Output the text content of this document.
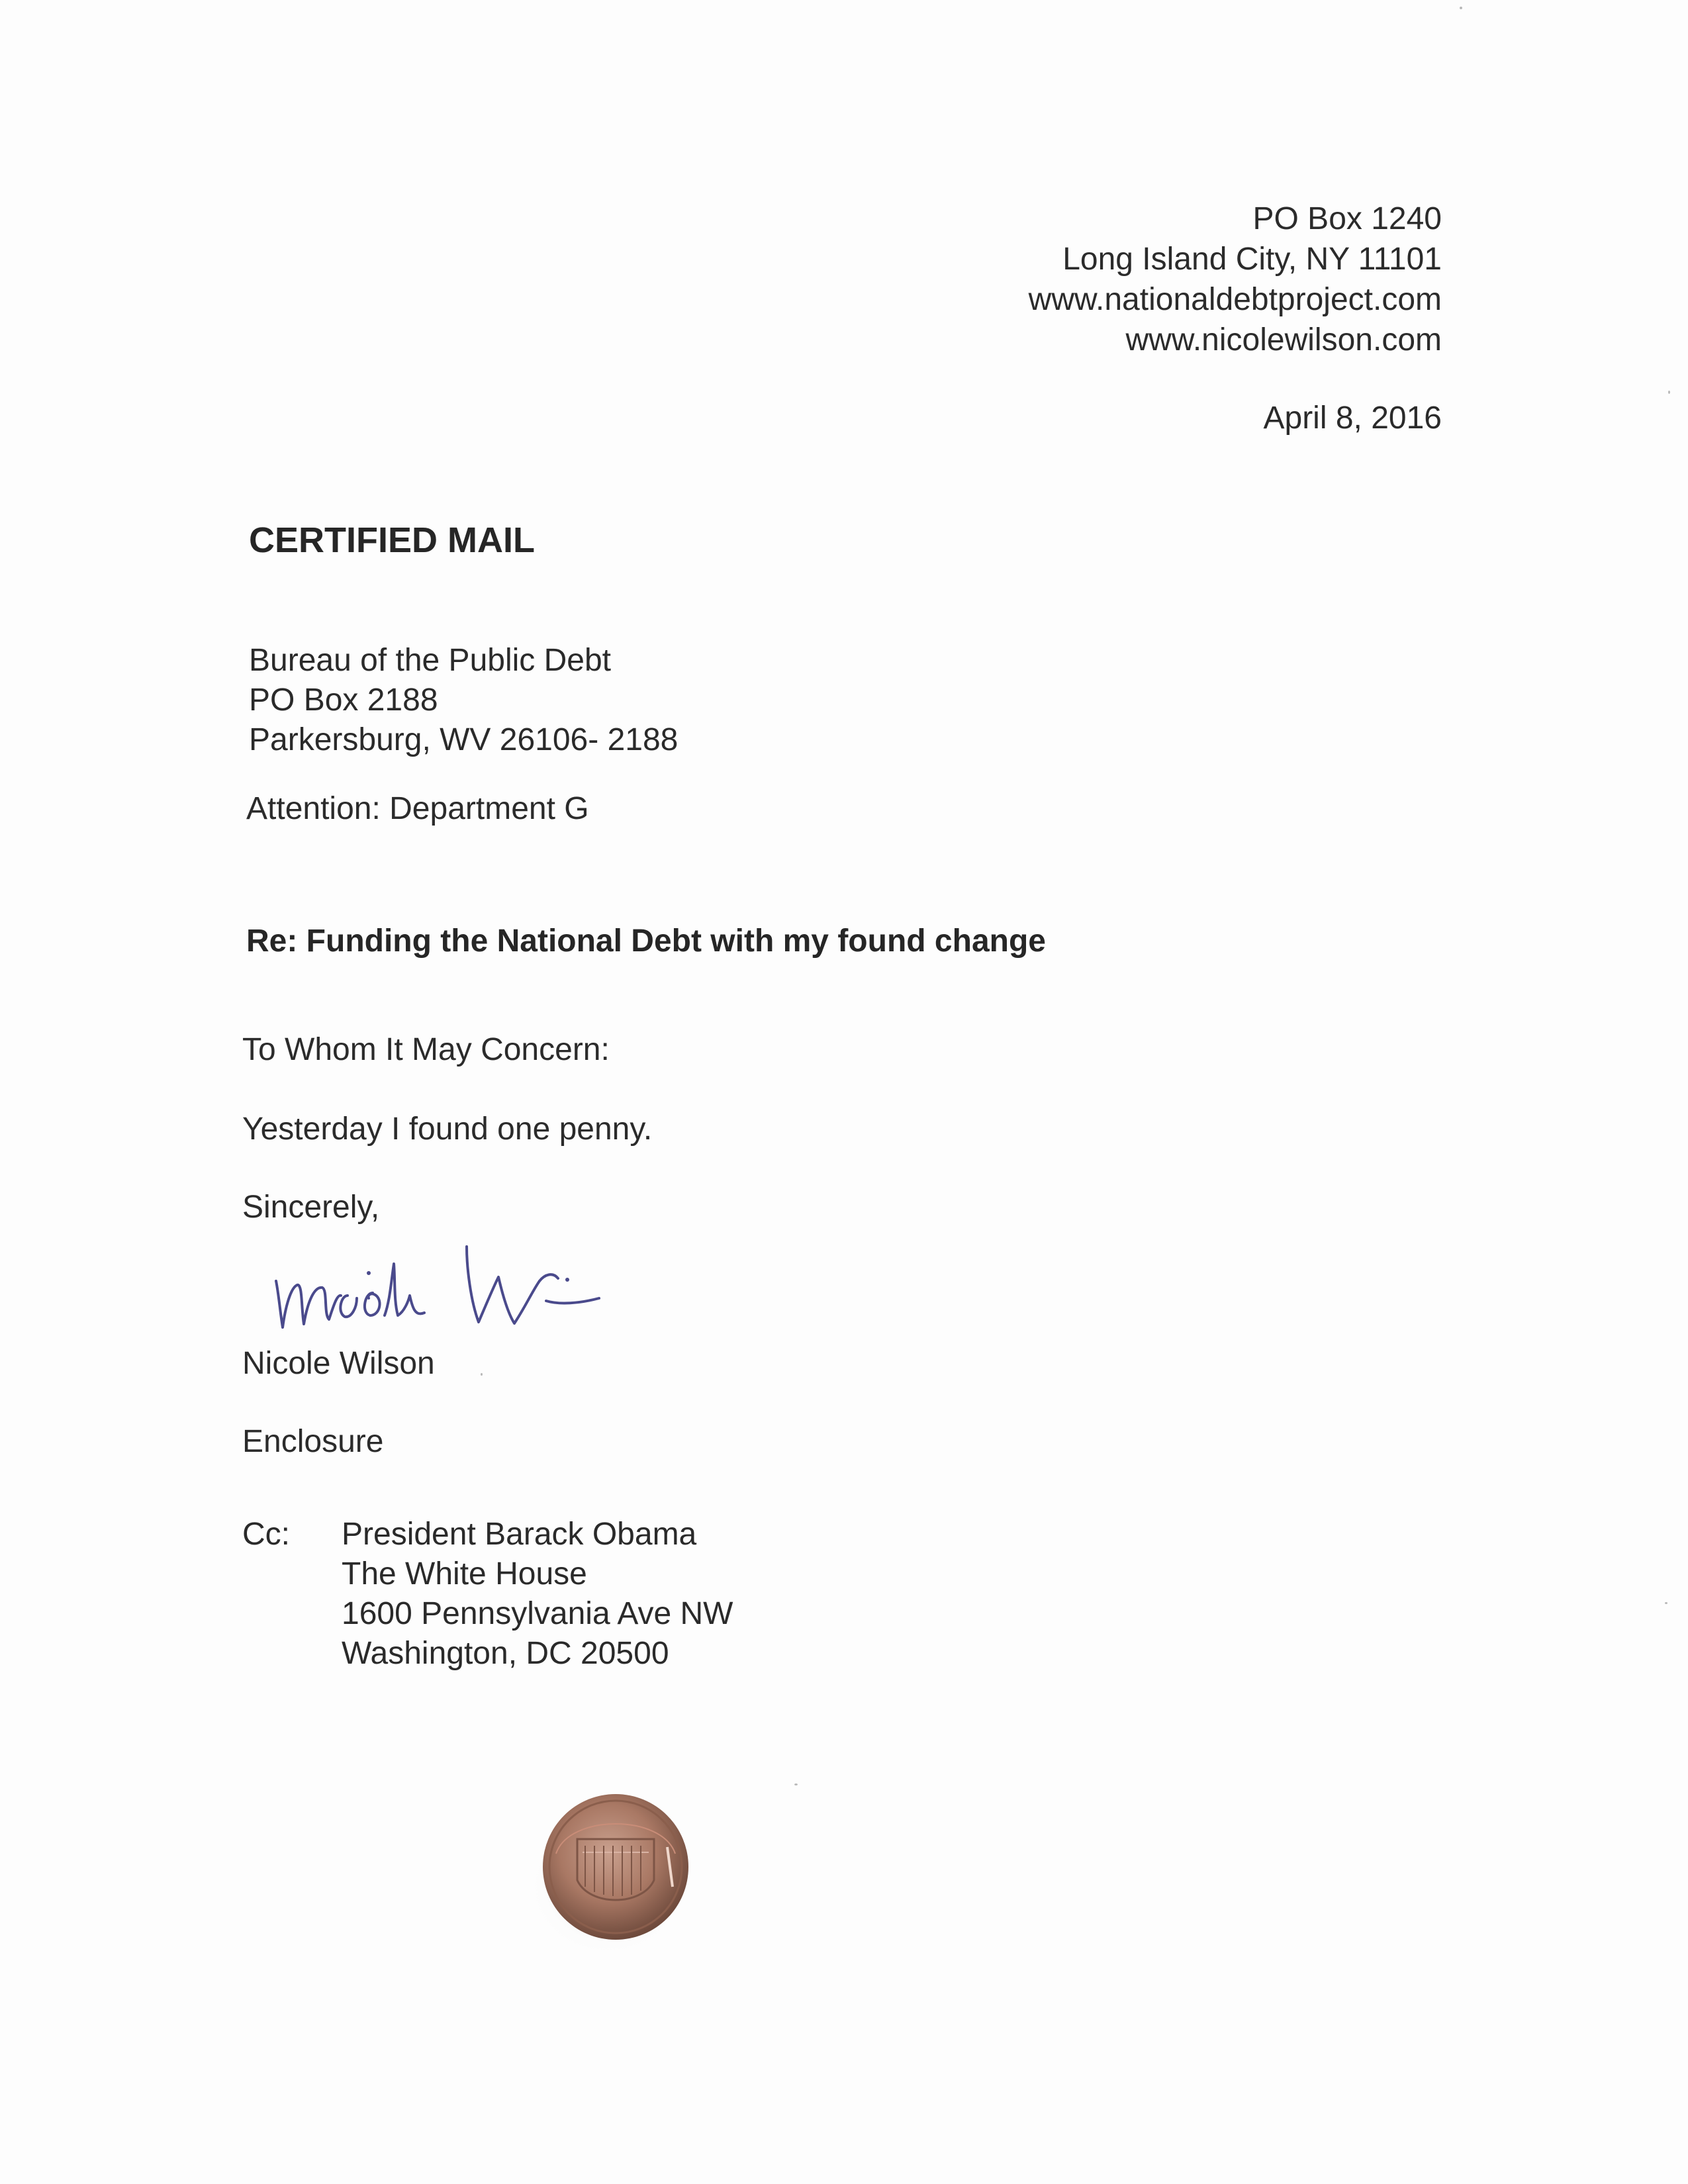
PO Box 1240
Long Island City, NY 11101
www.nationaldebtproject.com
www.nicolewilson.com
April 8, 2016
CERTIFIED MAIL
Bureau of the Public Debt
PO Box 2188
Parkersburg, WV 26106- 2188
Attention: Department G
Re: Funding the National Debt with my found change
To Whom It May Concern:
Yesterday I found one penny.
Sincerely,
Nicole Wilson
Enclosure
Cc: President Barack Obama
The White House
1600 Pennsylvania Ave NW
Washington, DC 20500
